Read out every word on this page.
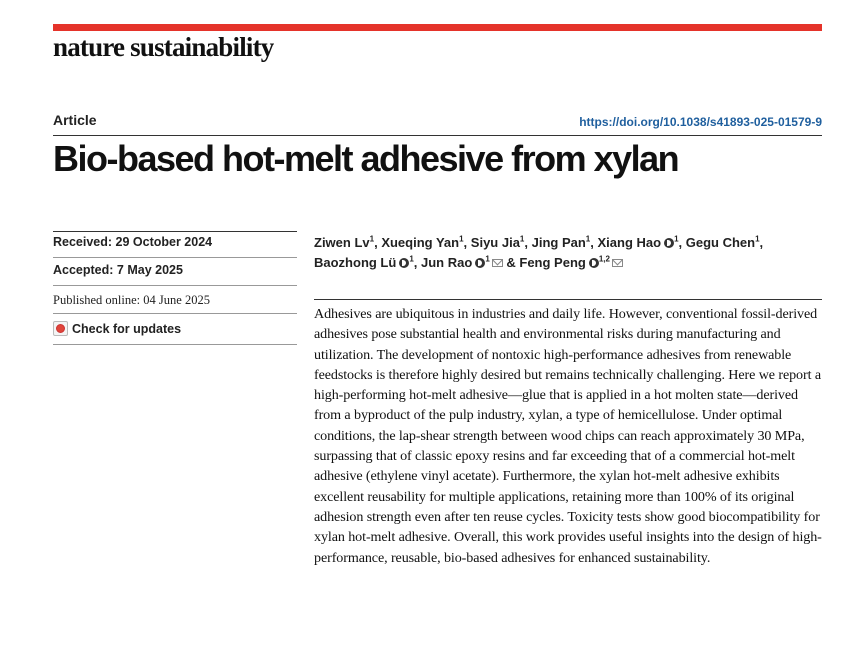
nature sustainability
Article	https://doi.org/10.1038/s41893-025-01579-9
Bio-based hot-melt adhesive from xylan
Received: 29 October 2024
Accepted: 7 May 2025
Published online: 04 June 2025
Check for updates
Ziwen Lv$^1$, Xueqing Yan$^1$, Siyu Jia$^1$, Jing Pan$^1$, Xiang Hao $^1$, Gegu Chen$^1$, Baozhong Lü $^1$, Jun Rao $^1$ & Feng Peng $^{1,2}$

Adhesives are ubiquitous in industries and daily life. However, conventional fossil-derived adhesives pose substantial health and environmental risks during manufacturing and utilization. The development of nontoxic high-performance adhesives from renewable feedstocks is therefore highly desired but remains technically challenging. Here we report a high-performing hot-melt adhesive—glue that is applied in a hot molten state—derived from a byproduct of the pulp industry, xylan, a type of hemicellulose. Under optimal conditions, the lap-shear strength between wood chips can reach approximately 30 MPa, surpassing that of classic epoxy resins and far exceeding that of a commercial hot-melt adhesive (ethylene vinyl acetate). Furthermore, the xylan hot-melt adhesive exhibits excellent reusability for multiple applications, retaining more than 100% of its original adhesion strength even after ten reuse cycles. Toxicity tests show good biocompatibility for xylan hot-melt adhesive. Overall, this work provides useful insights into the design of high-performance, reusable, bio-based adhesives for enhanced sustainability.
